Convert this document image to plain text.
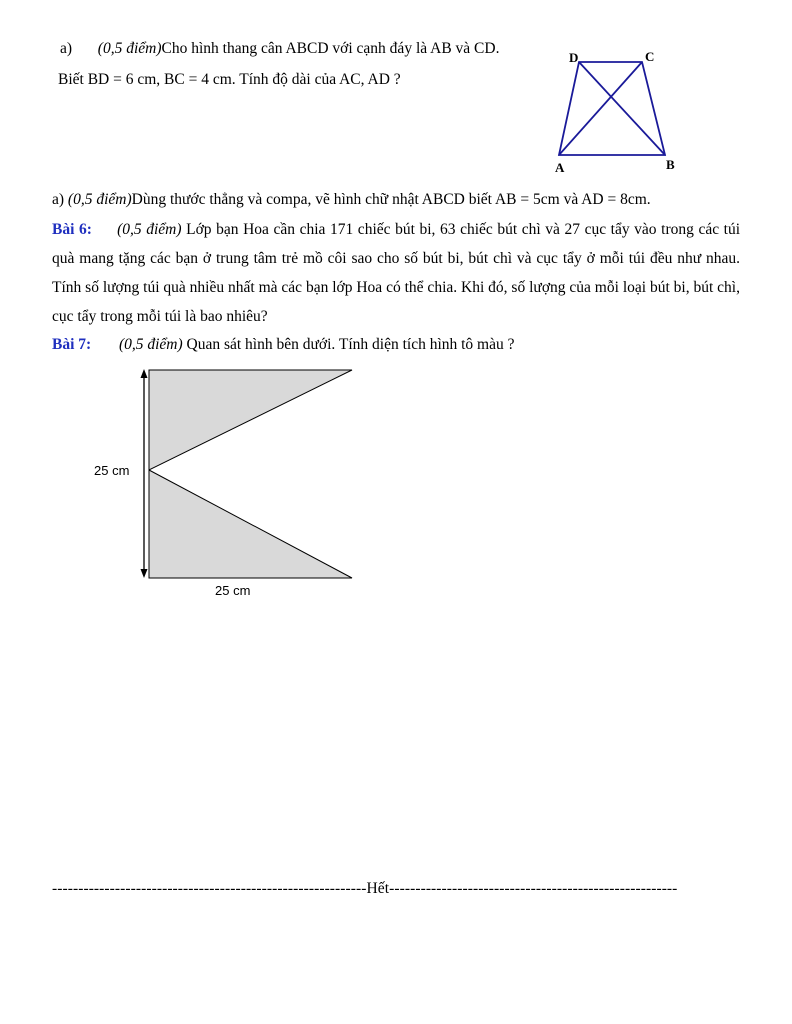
a) (0,5 điểm)Cho hình thang cân ABCD với cạnh đáy là AB và CD.
Biết BD = 6 cm, BC = 4 cm. Tính độ dài của AC, AD ?
D	C
A	B
a) (0,5 điểm)Dùng thước thẳng và compa, vẽ hình chữ nhật ABCD biết AB = 5cm và AD = 8cm.
Bài 6: (0,5 điểm) Lớp bạn Hoa cần chia 171 chiếc bút bi, 63 chiếc bút chì và 27 cục tẩy vào trong các túi quà mang tặng các bạn ở trung tâm trẻ mồ côi sao cho số bút bi, bút chì và cục tẩy ở mỗi túi đều như nhau. Tính số lượng túi quà nhiều nhất mà các bạn lớp Hoa có thể chia. Khi đó, số lượng của mỗi loại bút bi, bút chì, cục tẩy trong mỗi túi là bao nhiêu?
Bài 7: (0,5 điểm) Quan sát hình bên dưới. Tính diện tích hình tô màu ?
25 cm
25 cm
------------------------------------------------------------Hết-------------------------------------------------------
